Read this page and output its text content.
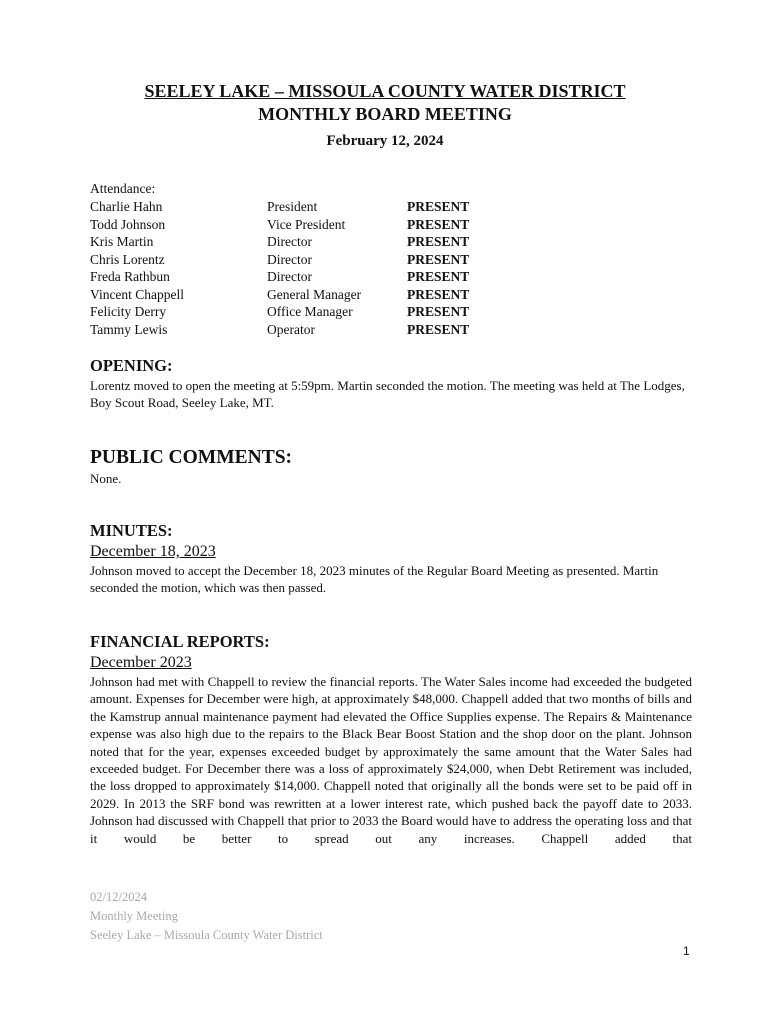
SEELEY LAKE – MISSOULA COUNTY WATER DISTRICT
MONTHLY BOARD MEETING
February 12, 2024
Attendance:
Charlie Hahn	President	PRESENT
Todd Johnson	Vice President	PRESENT
Kris Martin	Director	PRESENT
Chris Lorentz	Director	PRESENT
Freda Rathbun	Director	PRESENT
Vincent Chappell	General Manager	PRESENT
Felicity Derry	Office Manager	PRESENT
Tammy Lewis	Operator	PRESENT
OPENING:
Lorentz moved to open the meeting at 5:59pm. Martin seconded the motion. The meeting was held at The Lodges, Boy Scout Road, Seeley Lake, MT.
PUBLIC COMMENTS:
None.
MINUTES:
December 18, 2023
Johnson moved to accept the December 18, 2023 minutes of the Regular Board Meeting as presented. Martin seconded the motion, which was then passed.
FINANCIAL REPORTS:
December 2023
Johnson had met with Chappell to review the financial reports. The Water Sales income had exceeded the budgeted amount. Expenses for December were high, at approximately $48,000. Chappell added that two months of bills and the Kamstrup annual maintenance payment had elevated the Office Supplies expense. The Repairs & Maintenance expense was also high due to the repairs to the Black Bear Boost Station and the shop door on the plant. Johnson noted that for the year, expenses exceeded budget by approximately the same amount that the Water Sales had exceeded budget. For December there was a loss of approximately $24,000, when Debt Retirement was included, the loss dropped to approximately $14,000. Chappell noted that originally all the bonds were set to be paid off in 2029. In 2013 the SRF bond was rewritten at a lower interest rate, which pushed back the payoff date to 2033. Johnson had discussed with Chappell that prior to 2033 the Board would have to address the operating loss and that it would be better to spread out any increases. Chappell added that
02/12/2024
Monthly Meeting
Seeley Lake – Missoula County Water District
1
